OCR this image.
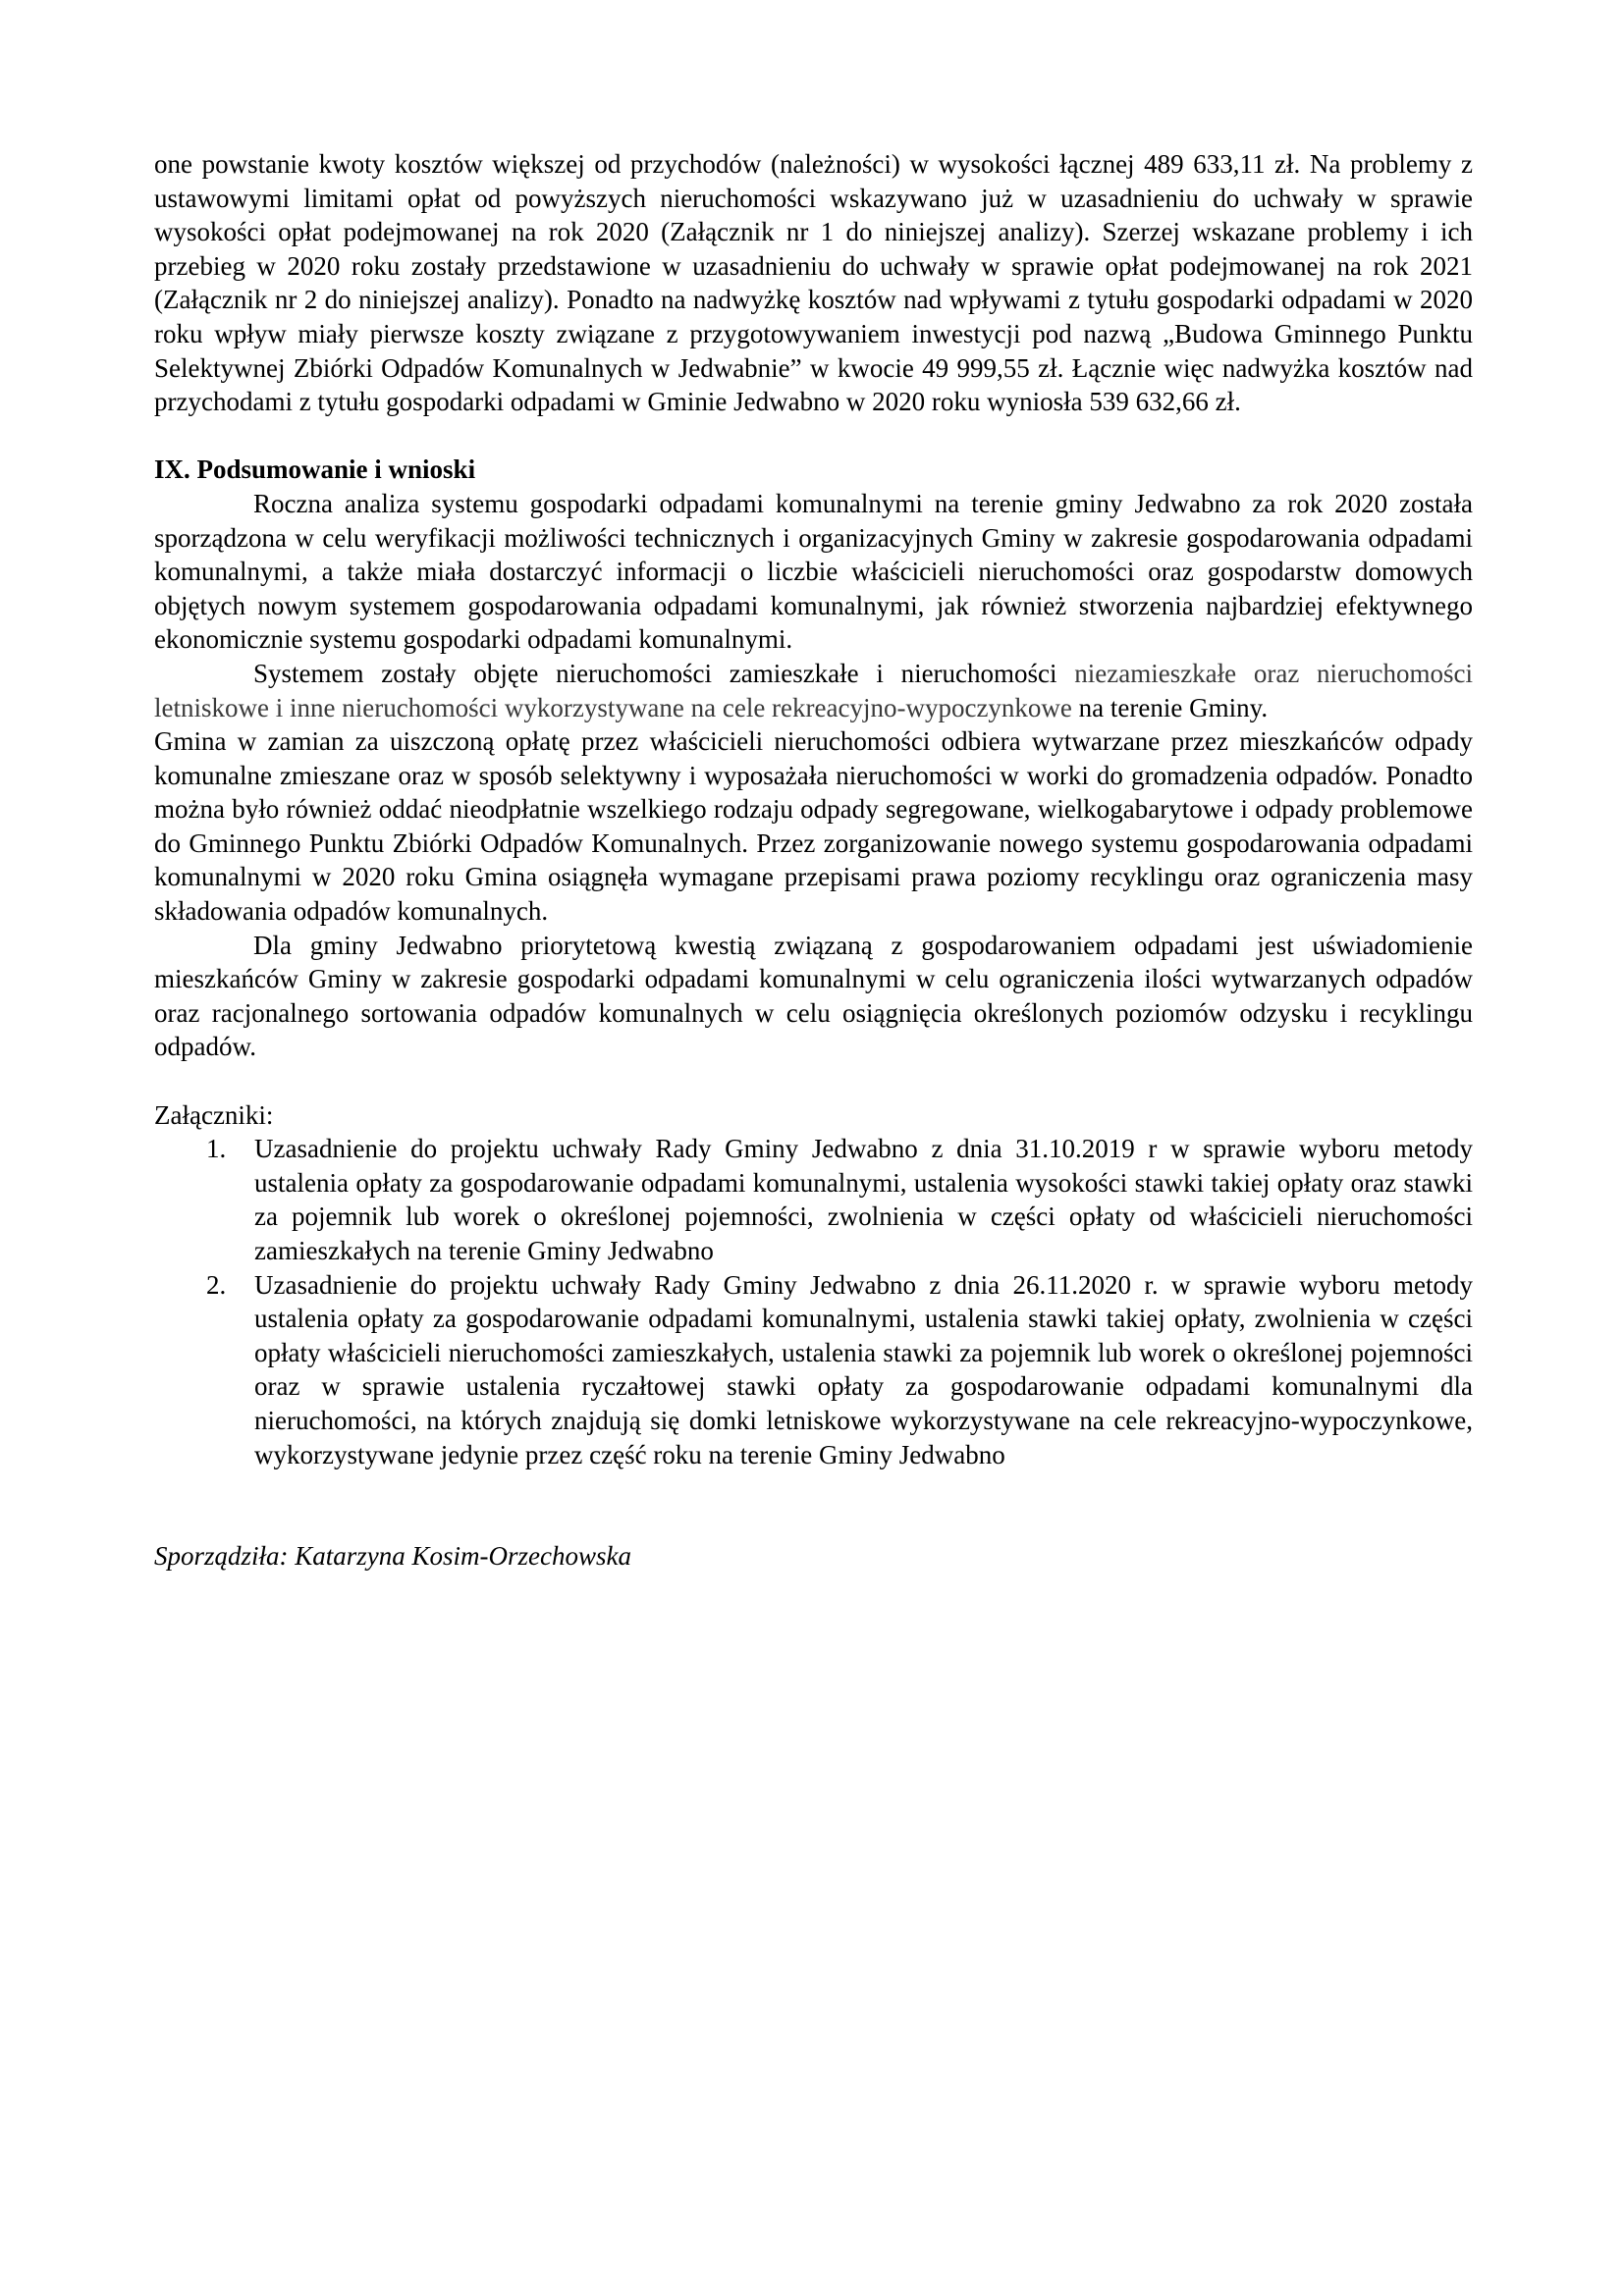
one powstanie kwoty kosztów większej od przychodów (należności) w wysokości łącznej 489 633,11 zł. Na problemy z ustawowymi limitami opłat od powyższych nieruchomości wskazywano już w uzasadnieniu do uchwały w sprawie wysokości opłat podejmowanej na rok 2020 (Załącznik nr 1 do niniejszej analizy). Szerzej wskazane problemy i ich przebieg w 2020 roku zostały przedstawione w uzasadnieniu do uchwały w sprawie opłat podejmowanej na rok 2021 (Załącznik nr 2 do niniejszej analizy). Ponadto na nadwyżkę kosztów nad wpływami z tytułu gospodarki odpadami w 2020 roku wpływ miały pierwsze koszty związane z przygotowywaniem inwestycji pod nazwą „Budowa Gminnego Punktu Selektywnej Zbiórki Odpadów Komunalnych w Jedwabnie” w kwocie 49 999,55 zł. Łącznie więc nadwyżka kosztów nad przychodami z tytułu gospodarki odpadami w Gminie Jedwabno w 2020 roku wyniosła 539 632,66 zł.

IX. Podsumowanie i wnioski

Roczna analiza systemu gospodarki odpadami komunalnymi na terenie gminy Jedwabno za rok 2020 została sporządzona w celu weryfikacji możliwości technicznych i organizacyjnych Gminy w zakresie gospodarowania odpadami komunalnymi, a także miała dostarczyć informacji o liczbie właścicieli nieruchomości oraz gospodarstw domowych objętych nowym systemem gospodarowania odpadami komunalnymi, jak również stworzenia najbardziej efektywnego ekonomicznie systemu gospodarki odpadami komunalnymi.

Systemem zostały objęte nieruchomości zamieszkałe i nieruchomości niezamieszkałe oraz nieruchomości letniskowe i inne nieruchomości wykorzystywane na cele rekreacyjno-wypoczynkowe na terenie Gminy.

Gmina w zamian za uiszczoną opłatę przez właścicieli nieruchomości odbiera wytwarzane przez mieszkańców odpady komunalne zmieszane oraz w sposób selektywny i wyposażała nieruchomości w worki do gromadzenia odpadów. Ponadto można było również oddać nieodpłatnie wszelkiego rodzaju odpady segregowane, wielkogabarytowe i odpady problemowe do Gminnego Punktu Zbiórki Odpadów Komunalnych. Przez zorganizowanie nowego systemu gospodarowania odpadami komunalnymi w 2020 roku Gmina osiągnęła wymagane przepisami prawa poziomy recyklingu oraz ograniczenia masy składowania odpadów komunalnych.

Dla gminy Jedwabno priorytetową kwestią związaną z gospodarowaniem odpadami jest uświadomienie mieszkańców Gminy w zakresie gospodarki odpadami komunalnymi w celu ograniczenia ilości wytwarzanych odpadów oraz racjonalnego sortowania odpadów komunalnych w celu osiągnięcia określonych poziomów odzysku i recyklingu odpadów.

Załączniki:

1. Uzasadnienie do projektu uchwały Rady Gminy Jedwabno z dnia 31.10.2019 r w sprawie wyboru metody ustalenia opłaty za gospodarowanie odpadami komunalnymi, ustalenia wysokości stawki takiej opłaty oraz stawki za pojemnik lub worek o określonej pojemności, zwolnienia w części opłaty od właścicieli nieruchomości zamieszkałych na terenie Gminy Jedwabno
2. Uzasadnienie do projektu uchwały Rady Gminy Jedwabno z dnia 26.11.2020 r. w sprawie wyboru metody ustalenia opłaty za gospodarowanie odpadami komunalnymi, ustalenia stawki takiej opłaty, zwolnienia w części opłaty właścicieli nieruchomości zamieszkałych, ustalenia stawki za pojemnik lub worek o określonej pojemności oraz w sprawie ustalenia ryczałtowej stawki opłaty za gospodarowanie odpadami komunalnymi dla nieruchomości, na których znajdują się domki letniskowe wykorzystywane na cele rekreacyjno-wypoczynkowe, wykorzystywane jedynie przez część roku na terenie Gminy Jedwabno

Sporządziła: Katarzyna Kosim-Orzechowska
